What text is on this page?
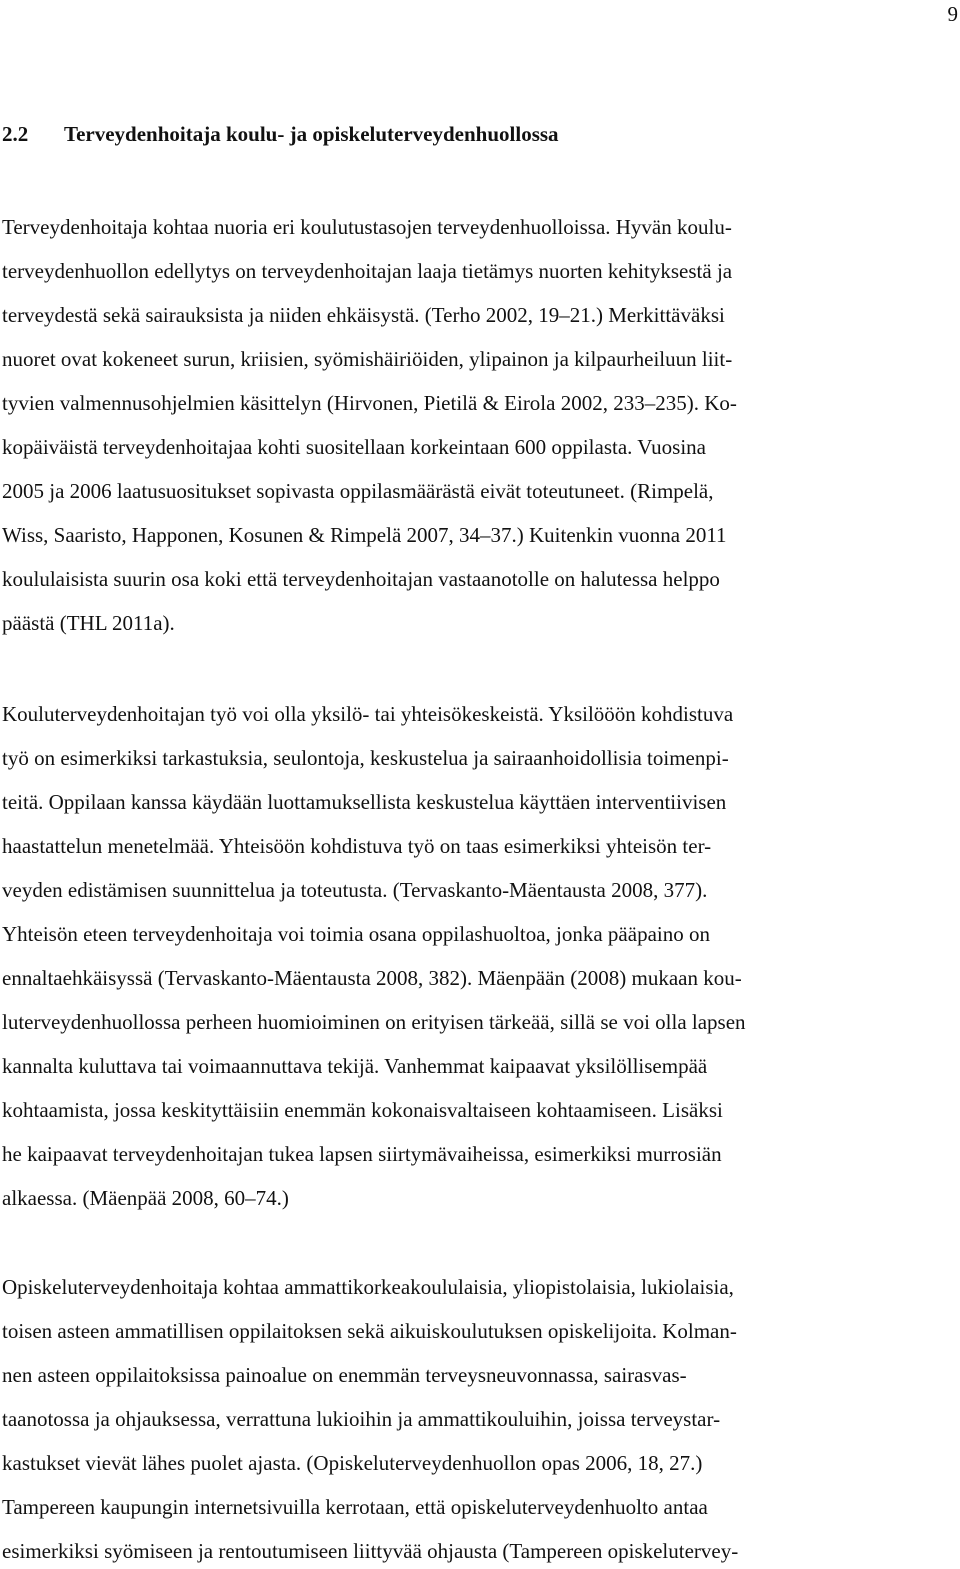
9
2.2 Terveydenhoitaja koulu- ja opiskeluterveydenhuollossa

Terveydenhoitaja kohtaa nuoria eri koulutustasojen terveydenhuolloissa. Hyvän koulu-

terveydenhuollon edellytys on terveydenhoitajan laaja tietämys nuorten kehityksestä ja

terveydestä sekä sairauksista ja niiden ehkäisystä. (Terho 2002, 19–21.) Merkittäväksi

nuoret ovat kokeneet surun, kriisien, syömishäiriöiden, ylipainon ja kilpaurheiluun liit-

tyvien valmennusohjelmien käsittelyn (Hirvonen, Pietilä & Eirola 2002, 233–235). Ko-

kopäiväistä terveydenhoitajaa kohti suositellaan korkeintaan 600 oppilasta. Vuosina

2005 ja 2006 laatusuositukset sopivasta oppilasmäärästä eivät toteutuneet. (Rimpelä,

Wiss, Saaristo, Happonen, Kosunen & Rimpelä 2007, 34–37.) Kuitenkin vuonna 2011

koululaisista suurin osa koki että terveydenhoitajan vastaanotolle on halutessa helppo

päästä (THL 2011a).

Kouluterveydenhoitajan työ voi olla yksilö- tai yhteisökeskeistä. Yksilööön kohdistuva

työ on esimerkiksi tarkastuksia, seulontoja, keskustelua ja sairaanhoidollisia toimenpi-

teitä. Oppilaan kanssa käydään luottamuksellista keskustelua käyttäen interventiivisen

haastattelun menetelmää. Yhteisöön kohdistuva työ on taas esimerkiksi yhteisön ter-

veyden edistämisen suunnittelua ja toteutusta. (Tervaskanto-Mäentausta 2008, 377).

Yhteisön eteen terveydenhoitaja voi toimia osana oppilashuoltoa, jonka pääpaino on

ennaltaehkäisyssä (Tervaskanto-Mäentausta 2008, 382). Mäenpään (2008) mukaan kou-

luterveydenhuollossa perheen huomioiminen on erityisen tärkeää, sillä se voi olla lapsen

kannalta kuluttava tai voimaannuttava tekijä. Vanhemmat kaipaavat yksilöllisempää

kohtaamista, jossa keskityttäisiin enemmän kokonaisvaltaiseen kohtaamiseen. Lisäksi

he kaipaavat terveydenhoitajan tukea lapsen siirtymävaiheissa, esimerkiksi murrosiän

alkaessa. (Mäenpää 2008, 60–74.)

Opiskeluterveydenhoitaja kohtaa ammattikorkeakoululaisia, yliopistolaisia, lukiolaisia,

toisen asteen ammatillisen oppilaitoksen sekä aikuiskoulutuksen opiskelijoita. Kolman-

nen asteen oppilaitoksissa painoalue on enemmän terveysneuvonnassa, sairasvas-

taanotossa ja ohjauksessa, verrattuna lukioihin ja ammattikouluihin, joissa terveystar-

kastukset vievät lähes puolet ajasta. (Opiskeluterveydenhuollon opas 2006, 18, 27.)

Tampereen kaupungin internetsivuilla kerrotaan, että opiskeluterveydenhuolto antaa

esimerkiksi syömiseen ja rentoutumiseen liittyvää ohjausta (Tampereen opiskelutervey-
